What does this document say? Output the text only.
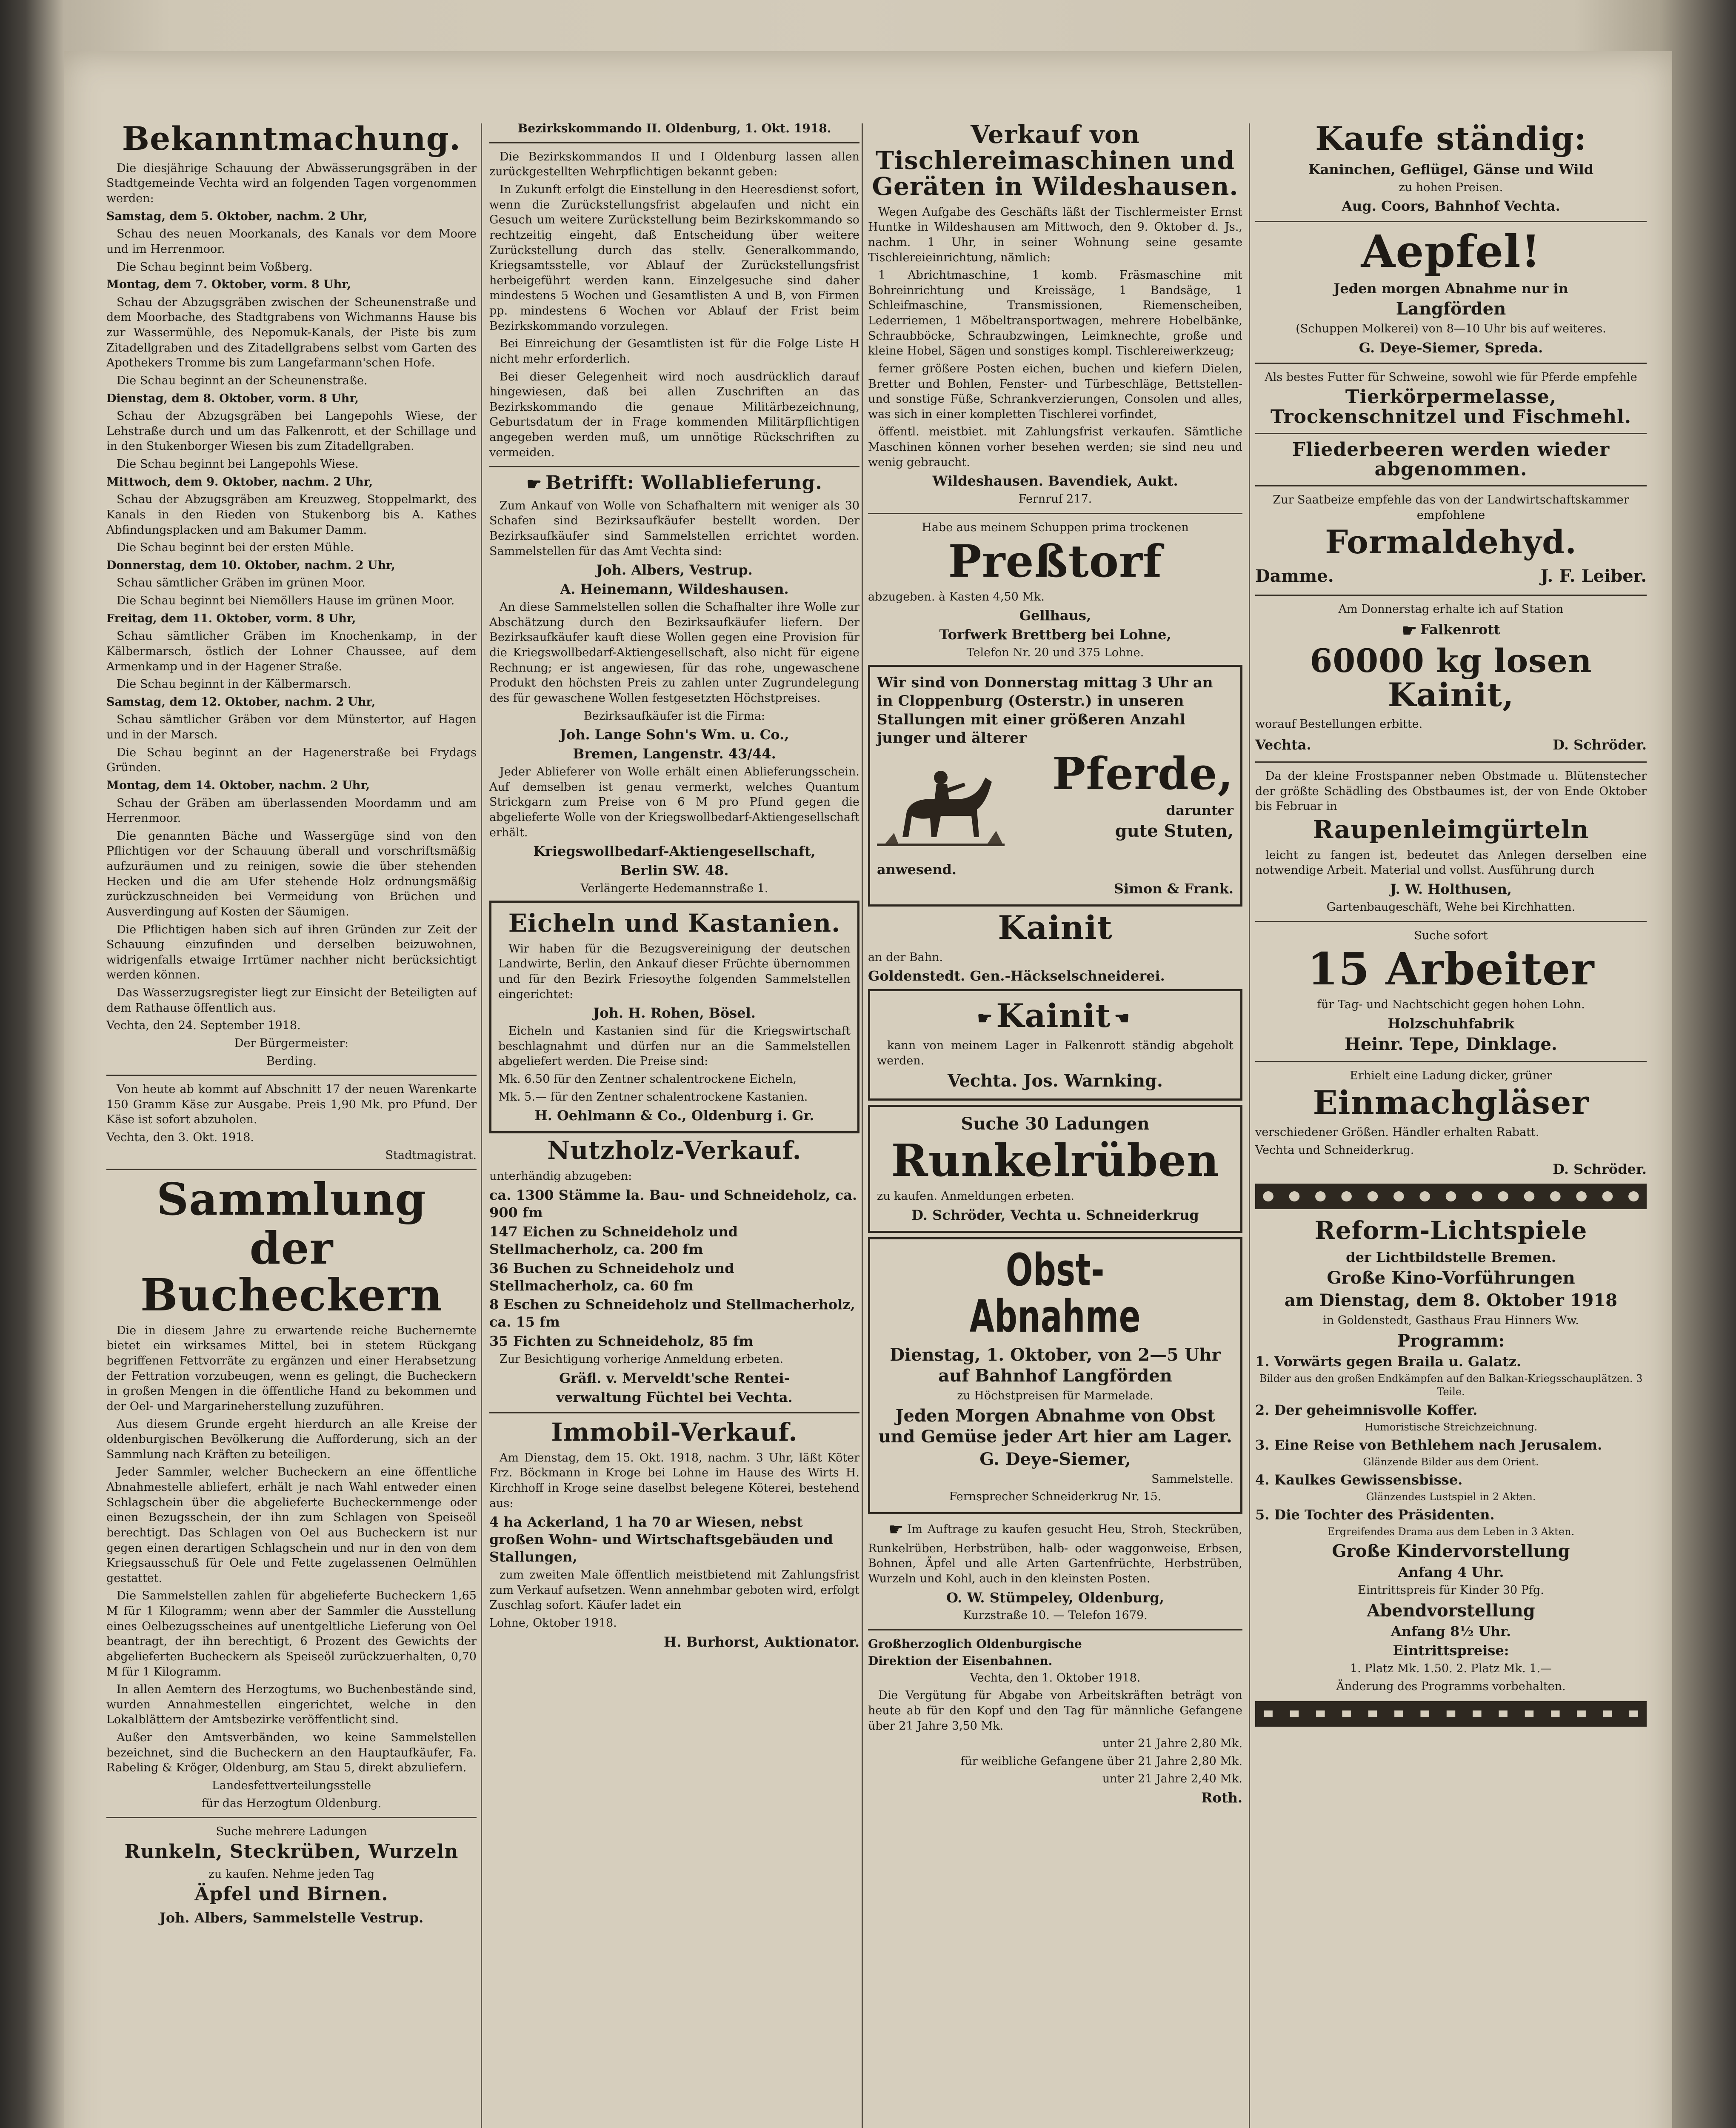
Bekanntmachung.

Die diesjährige Schauung der Abwässerungsgräben in der Stadtgemeinde Vechta wird an folgenden Tagen vorgenommen werden:

Samstag, dem 5. Oktober, nachm. 2 Uhr,

Schau des neuen Moorkanals, des Kanals vor dem Moore und im Herrenmoor.

Die Schau beginnt beim Voßberg.

Montag, dem 7. Oktober, vorm. 8 Uhr,

Schau der Abzugsgräben zwischen der Scheunenstraße und dem Moorbache, des Stadtgrabens von Wichmanns Hause bis zur Wassermühle, des Nepomuk-Kanals, der Piste bis zum Zitadellgraben und des Zitadellgrabens selbst vom Garten des Apothekers Tromme bis zum Langefarmann'schen Hofe.

Die Schau beginnt an der Scheunenstraße.

Dienstag, dem 8. Oktober, vorm. 8 Uhr,

Schau der Abzugsgräben bei Langepohls Wiese, der Lehstraße durch und um das Falkenrott, et der Schillage und in den Stukenborger Wiesen bis zum Zitadellgraben.

Die Schau beginnt bei Langepohls Wiese.

Mittwoch, dem 9. Oktober, nachm. 2 Uhr,

Schau der Abzugsgräben am Kreuzweg, Stoppelmarkt, des Kanals in den Rieden von Stukenborg bis A. Kathes Abfindungsplacken und am Bakumer Damm.

Die Schau beginnt bei der ersten Mühle.

Donnerstag, dem 10. Oktober, nachm. 2 Uhr,

Schau sämtlicher Gräben im grünen Moor.

Die Schau beginnt bei Niemöllers Hause im grünen Moor.

Freitag, dem 11. Oktober, vorm. 8 Uhr,

Schau sämtlicher Gräben im Knochenkamp, in der Kälbermarsch, östlich der Lohner Chaussee, auf dem Armenkamp und in der Hagener Straße.

Die Schau beginnt in der Kälbermarsch.

Samstag, dem 12. Oktober, nachm. 2 Uhr,

Schau sämtlicher Gräben vor dem Münstertor, auf Hagen und in der Marsch.

Die Schau beginnt an der Hagenerstraße bei Frydags Gründen.

Montag, dem 14. Oktober, nachm. 2 Uhr,

Schau der Gräben am überlassenden Moordamm und am Herrenmoor.

Die genannten Bäche und Wassergüge sind von den Pflichtigen vor der Schauung überall und vorschriftsmäßig aufzuräumen und zu reinigen, sowie die über stehenden Hecken und die am Ufer stehende Holz ordnungsmäßig zurückzuschneiden bei Vermeidung von Brüchen und Ausverdingung auf Kosten der Säumigen.

Die Pflichtigen haben sich auf ihren Gründen zur Zeit der Schauung einzufinden und derselben beizuwohnen, widrigenfalls etwaige Irrtümer nachher nicht berücksichtigt werden können.

Das Wasserzugsregister liegt zur Einsicht der Beteiligten auf dem Rathause öffentlich aus.

Vechta, den 24. September 1918.

Der Bürgermeister:

Berding.

Von heute ab kommt auf Abschnitt 17 der neuen Warenkarte 150 Gramm Käse zur Ausgabe. Preis 1,90 Mk. pro Pfund. Der Käse ist sofort abzuholen.

Vechta, den 3. Okt. 1918.

Stadtmagistrat.

Sammlung
der Bucheckern

Die in diesem Jahre zu erwartende reiche Buchernernte bietet ein wirksames Mittel, bei in stetem Rückgang begriffenen Fettvorräte zu ergänzen und einer Herabsetzung der Fettration vorzubeugen, wenn es gelingt, die Bucheckern in großen Mengen in die öffentliche Hand zu bekommen und der Oel- und Margarineherstellung zuzuführen.

Aus diesem Grunde ergeht hierdurch an alle Kreise der oldenburgischen Bevölkerung die Aufforderung, sich an der Sammlung nach Kräften zu beteiligen.

Jeder Sammler, welcher Bucheckern an eine öffentliche Abnahmestelle abliefert, erhält je nach Wahl entweder einen Schlagschein über die abgelieferte Bucheckernmenge oder einen Bezugsschein, der ihn zum Schlagen von Speiseöl berechtigt. Das Schlagen von Oel aus Bucheckern ist nur gegen einen derartigen Schlagschein und nur in den von dem Kriegsausschuß für Oele und Fette zugelassenen Oelmühlen gestattet.

Die Sammelstellen zahlen für abgelieferte Bucheckern 1,65 M für 1 Kilogramm; wenn aber der Sammler die Ausstellung eines Oelbezugsscheines auf unentgeltliche Lieferung von Oel beantragt, der ihn berechtigt, 6 Prozent des Gewichts der abgelieferten Bucheckern als Speiseöl zurückzuerhalten, 0,70 M für 1 Kilogramm.

In allen Aemtern des Herzogtums, wo Buchenbestände sind, wurden Annahmestellen eingerichtet, welche in den Lokalblättern der Amtsbezirke veröffentlicht sind.

Außer den Amtsverbänden, wo keine Sammelstellen bezeichnet, sind die Bucheckern an den Hauptaufkäufer, Fa. Rabeling & Kröger, Oldenburg, am Stau 5, direkt abzuliefern.

Landesfettverteilungsstelle

für das Herzogtum Oldenburg.

Suche mehrere Ladungen

Runkeln, Steckrüben, Wurzeln

zu kaufen. Nehme jeden Tag

Äpfel und Birnen.

Joh. Albers, Sammelstelle Vestrup.

Bezirkskommando II. Oldenburg, 1. Okt. 1918.

Die Bezirkskommandos II und I Oldenburg lassen allen zurückgestellten Wehrpflichtigen bekannt geben:

In Zukunft erfolgt die Einstellung in den Heeresdienst sofort, wenn die Zurückstellungsfrist abgelaufen und nicht ein Gesuch um weitere Zurückstellung beim Bezirkskommando so rechtzeitig eingeht, daß Entscheidung über weitere Zurückstellung durch das stellv. Generalkommando, Kriegsamtsstelle, vor Ablauf der Zurückstellungsfrist herbeigeführt werden kann. Einzelgesuche sind daher mindestens 5 Wochen und Gesamtlisten A und B, von Firmen pp. mindestens 6 Wochen vor Ablauf der Frist beim Bezirkskommando vorzulegen.

Bei Einreichung der Gesamtlisten ist für die Folge Liste H nicht mehr erforderlich.

Bei dieser Gelegenheit wird noch ausdrücklich darauf hingewiesen, daß bei allen Zuschriften an das Bezirkskommando die genaue Militärbezeichnung, Geburtsdatum der in Frage kommenden Militärpflichtigen angegeben werden muß, um unnötige Rückschriften zu vermeiden.

☛ Betrifft: Wollablieferung.

Zum Ankauf von Wolle von Schafhaltern mit weniger als 30 Schafen sind Bezirksaufkäufer bestellt worden. Der Bezirksaufkäufer sind Sammelstellen errichtet worden. Sammelstellen für das Amt Vechta sind:

Joh. Albers, Vestrup.

A. Heinemann, Wildeshausen.

An diese Sammelstellen sollen die Schafhalter ihre Wolle zur Abschätzung durch den Bezirksaufkäufer liefern. Der Bezirksaufkäufer kauft diese Wollen gegen eine Provision für die Kriegswollbedarf-Aktiengesellschaft, also nicht für eigene Rechnung; er ist angewiesen, für das rohe, ungewaschene Produkt den höchsten Preis zu zahlen unter Zugrundelegung des für gewaschene Wollen festgesetzten Höchstpreises.

Bezirksaufkäufer ist die Firma:

Joh. Lange Sohn's Wm. u. Co.,

Bremen, Langenstr. 43/44.

Jeder Ablieferer von Wolle erhält einen Ablieferungsschein. Auf demselben ist genau vermerkt, welches Quantum Strickgarn zum Preise von 6 M pro Pfund gegen die abgelieferte Wolle von der Kriegswollbedarf-Aktiengesellschaft erhält.

Kriegswollbedarf-Aktiengesellschaft,

Berlin SW. 48.

Verlängerte Hedemannstraße 1.

Eicheln und Kastanien.

Wir haben für die Bezugsvereinigung der deutschen Landwirte, Berlin, den Ankauf dieser Früchte übernommen und für den Bezirk Friesoythe folgenden Sammelstellen eingerichtet:

Joh. H. Rohen, Bösel.

Eicheln und Kastanien sind für die Kriegswirtschaft beschlagnahmt und dürfen nur an die Sammelstellen abgeliefert werden. Die Preise sind:

Mk. 6.50 für den Zentner schalentrockene Eicheln,

Mk. 5.— für den Zentner schalentrockene Kastanien.

H. Oehlmann & Co., Oldenburg i. Gr.

Nutzholz-Verkauf.

unterhändig abzugeben:

ca. 1300 Stämme la. Bau- und Schneideholz, ca. 900 fm

147 Eichen zu Schneideholz und Stellmacherholz, ca. 200 fm

36 Buchen zu Schneideholz und Stellmacherholz, ca. 60 fm

8 Eschen zu Schneideholz und Stellmacherholz, ca. 15 fm

35 Fichten zu Schneideholz, 85 fm

Zur Besichtigung vorherige Anmeldung erbeten.

Gräfl. v. Merveldt'sche Rentei-

verwaltung Füchtel bei Vechta.

Immobil-Verkauf.

Am Dienstag, dem 15. Okt. 1918, nachm. 3 Uhr, läßt Köter Frz. Böckmann in Kroge bei Lohne im Hause des Wirts H. Kirchhoff in Kroge seine daselbst belegene Köterei, bestehend aus:

4 ha Ackerland, 1 ha 70 ar Wiesen, nebst großen Wohn- und Wirtschaftsgebäuden und Stallungen,

zum zweiten Male öffentlich meistbietend mit Zahlungsfrist zum Verkauf aufsetzen. Wenn annehmbar geboten wird, erfolgt Zuschlag sofort. Käufer ladet ein

Lohne, Oktober 1918.

H. Burhorst, Auktionator.

Verkauf von Tischlereimaschinen und Geräten in Wildeshausen.

Wegen Aufgabe des Geschäfts läßt der Tischlermeister Ernst Huntke in Wildeshausen am Mittwoch, den 9. Oktober d. Js., nachm. 1 Uhr, in seiner Wohnung seine gesamte Tischlereieinrichtung, nämlich:

1 Abrichtmaschine, 1 komb. Fräsmaschine mit Bohreinrichtung und Kreissäge, 1 Bandsäge, 1 Schleifmaschine, Transmissionen, Riemenscheiben, Lederriemen, 1 Möbeltransportwagen, mehrere Hobelbänke, Schraubböcke, Schraubzwingen, Leimknechte, große und kleine Hobel, Sägen und sonstiges kompl. Tischlereiwerkzeug;

ferner größere Posten eichen, buchen und kiefern Dielen, Bretter und Bohlen, Fenster- und Türbeschläge, Bettstellen- und sonstige Füße, Schrankverzierungen, Consolen und alles, was sich in einer kompletten Tischlerei vorfindet,

öffentl. meistbiet. mit Zahlungsfrist verkaufen. Sämtliche Maschinen können vorher besehen werden; sie sind neu und wenig gebraucht.

Wildeshausen. Bavendiek, Aukt.

Fernruf 217.

Habe aus meinem Schuppen prima trockenen

Preßtorf

abzugeben. à Kasten 4,50 Mk.

Gellhaus,

Torfwerk Brettberg bei Lohne,

Telefon Nr. 20 und 375 Lohne.

Wir sind von Donnerstag mittag 3 Uhr an in Cloppenburg (Osterstr.) in unseren Stallungen mit einer größeren Anzahl junger und älterer

Pferde,

darunter

gute Stuten,

anwesend.

Simon & Frank.

Kainit

an der Bahn.

Goldenstedt. Gen.-Häckselschneiderei.

☛ Kainit ☚

kann von meinem Lager in Falkenrott ständig abgeholt werden.

Vechta. Jos. Warnking.

Suche 30 Ladungen

Runkelrüben

zu kaufen. Anmeldungen erbeten.

D. Schröder, Vechta u. Schneiderkrug

Obst-Abnahme

Dienstag, 1. Oktober, von 2—5 Uhr auf Bahnhof Langförden

zu Höchstpreisen für Marmelade.

Jeden Morgen Abnahme von Obst und Gemüse jeder Art hier am Lager.

G. Deye-Siemer,

Sammelstelle.

Fernsprecher Schneiderkrug Nr. 15.

☛ Im Auftrage zu kaufen gesucht Heu, Stroh, Steckrüben, Runkelrüben, Herbstrüben, halb- oder waggonweise, Erbsen, Bohnen, Äpfel und alle Arten Gartenfrüchte, Herbstrüben, Wurzeln und Kohl, auch in den kleinsten Posten.

O. W. Stümpeley, Oldenburg,

Kurzstraße 10. — Telefon 1679.

Großherzoglich Oldenburgische

Direktion der Eisenbahnen.

Vechta, den 1. Oktober 1918.

Die Vergütung für Abgabe von Arbeitskräften beträgt von heute ab für den Kopf und den Tag für männliche Gefangene über 21 Jahre 3,50 Mk.

unter 21 Jahre 2,80 Mk.

für weibliche Gefangene über 21 Jahre 2,80 Mk.

unter 21 Jahre 2,40 Mk.

Roth.

Kaufe ständig:

Kaninchen, Geflügel, Gänse und Wild

zu hohen Preisen.

Aug. Coors, Bahnhof Vechta.

Aepfel!

Jeden morgen Abnahme nur in

Langförden

(Schuppen Molkerei) von 8—10 Uhr bis auf weiteres.

G. Deye-Siemer, Spreda.

Als bestes Futter für Schweine, sowohl wie für Pferde empfehle

Tierkörpermelasse, Trockenschnitzel und Fischmehl.
Fliederbeeren werden wieder abgenommen.

Zur Saatbeize empfehle das von der Landwirtschaftskammer empfohlene

Formaldehyd.
Damme.	J. F. Leiber.

Am Donnerstag erhalte ich auf Station

☛ Falkenrott

60000 kg losen Kainit,

worauf Bestellungen erbitte.

Vechta.	D. Schröder.

Da der kleine Frostspanner neben Obstmade u. Blütenstecher der größte Schädling des Obstbaumes ist, der von Ende Oktober bis Februar in

Raupenleimgürteln

leicht zu fangen ist, bedeutet das Anlegen derselben eine notwendige Arbeit. Material und vollst. Ausführung durch

J. W. Holthusen,

Gartenbaugeschäft, Wehe bei Kirchhatten.

Suche sofort

15 Arbeiter

für Tag- und Nachtschicht gegen hohen Lohn.

Holzschuhfabrik

Heinr. Tepe, Dinklage.

Erhielt eine Ladung dicker, grüner

Einmachgläser

verschiedener Größen. Händler erhalten Rabatt.

Vechta und Schneiderkrug.

D. Schröder.

Reform-Lichtspiele

der Lichtbildstelle Bremen.

Große Kino-Vorführungen

am Dienstag, dem 8. Oktober 1918

in Goldenstedt, Gasthaus Frau Hinners Ww.

Programm:

1. Vorwärts gegen Braila u. Galatz.

Bilder aus den großen Endkämpfen auf den Balkan-Kriegsschauplätzen. 3 Teile.

2. Der geheimnisvolle Koffer.

Humoristische Streichzeichnung.

3. Eine Reise von Bethlehem nach Jerusalem.

Glänzende Bilder aus dem Orient.

4. Kaulkes Gewissensbisse.

Glänzendes Lustspiel in 2 Akten.

5. Die Tochter des Präsidenten.

Ergreifendes Drama aus dem Leben in 3 Akten.

Große Kindervorstellung

Anfang 4 Uhr.

Eintrittspreis für Kinder 30 Pfg.

Abendvorstellung

Anfang 8½ Uhr.

Eintrittspreise:

1. Platz Mk. 1.50. 2. Platz Mk. 1.—

Änderung des Programms vorbehalten.
